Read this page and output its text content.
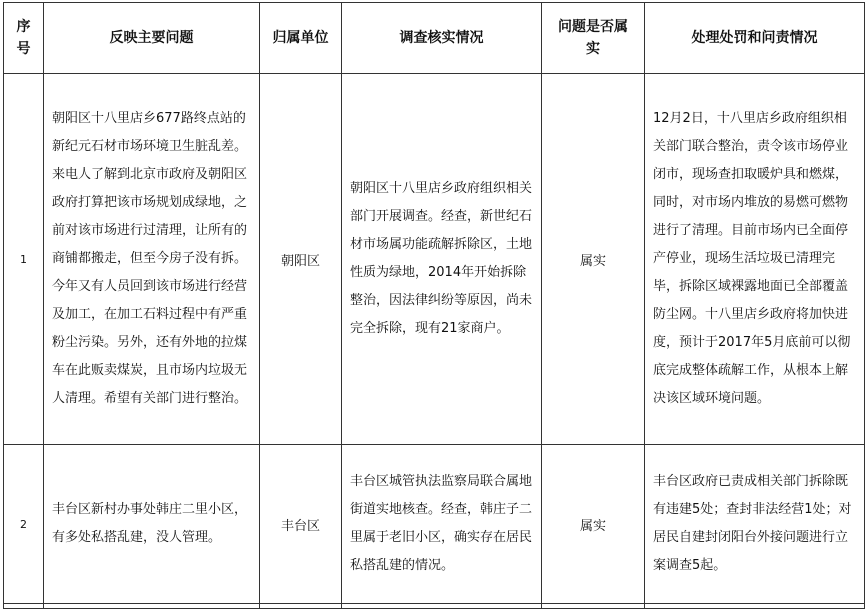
序号	反映主要问题	归属单位	调查核实情况	问题是否属实	处理处罚和问责情况
1	朝阳区十八里店乡677路终点站的新纪元石材市场环境卫生脏乱差。来电人了解到北京市政府及朝阳区政府打算把该市场规划成绿地，之前对该市场进行过清理，让所有的商铺都搬走，但至今房子没有拆。今年又有人员回到该市场进行经营及加工，在加工石料过程中有严重粉尘污染。另外，还有外地的拉煤车在此贩卖煤炭，且市场内垃圾无人清理。希望有关部门进行整治。	朝阳区	朝阳区十八里店乡政府组织相关部门开展调查。经查，新世纪石材市场属功能疏解拆除区，土地性质为绿地，2014年开始拆除整治，因法律纠纷等原因，尚未完全拆除，现有21家商户。	属实	12月2日，十八里店乡政府组织相关部门联合整治，责令该市场停业闭市，现场查扣取暖炉具和燃煤，同时，对市场内堆放的易燃可燃物进行了清理。目前市场内已全面停产停业，现场生活垃圾已清理完毕，拆除区域裸露地面已全部覆盖防尘网。十八里店乡政府将加快进度，预计于2017年5月底前可以彻底完成整体疏解工作，从根本上解决该区域环境问题。
2	丰台区新村办事处韩庄二里小区，有多处私搭乱建，没人管理。	丰台区	丰台区城管执法监察局联合属地街道实地核查。经查，韩庄子二里属于老旧小区，确实存在居民私搭乱建的情况。	属实	丰台区政府已责成相关部门拆除既有违建5处；查封非法经营1处；对居民自建封闭阳台外接问题进行立案调查5起。
